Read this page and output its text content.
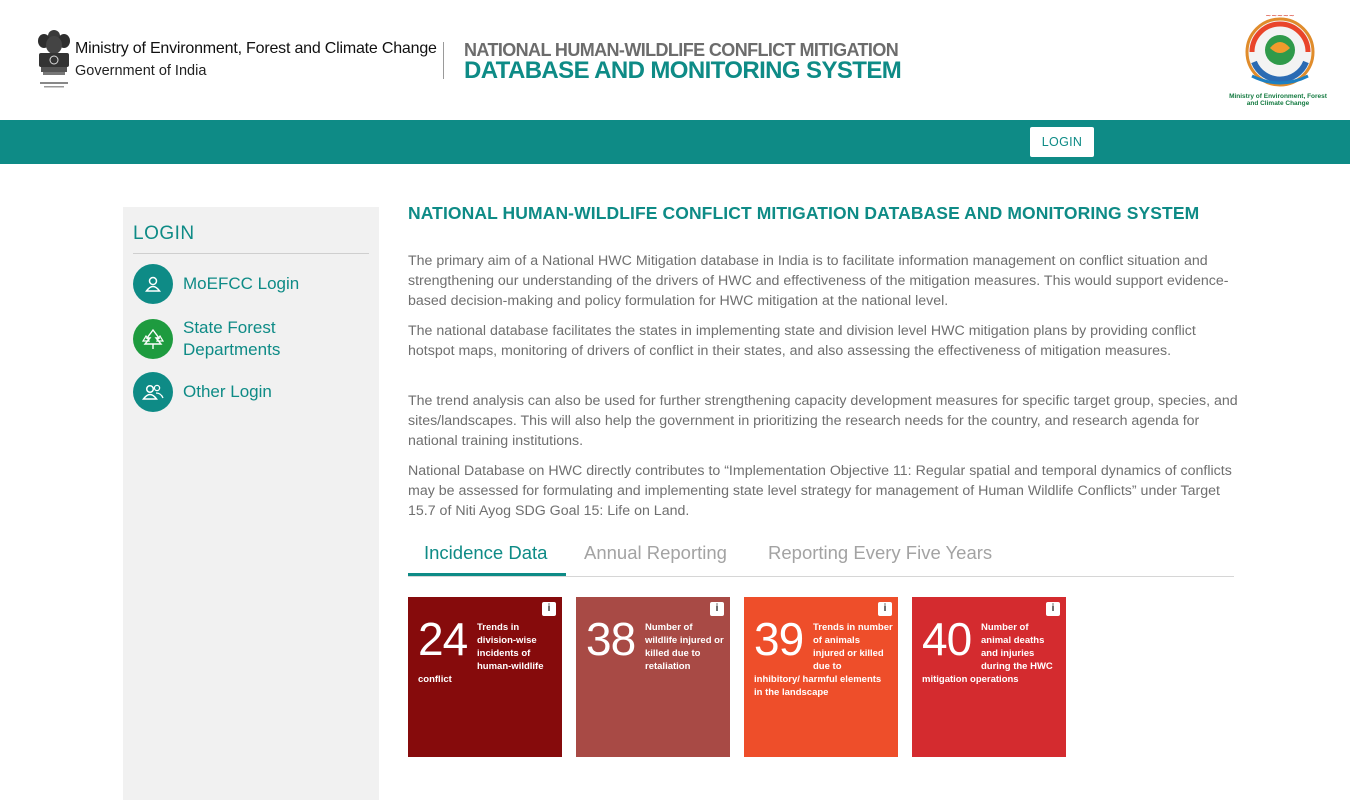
Ministry of Environment, Forest and Climate Change
Government of India
NATIONAL HUMAN-WILDLIFE CONFLICT MITIGATION
DATABASE AND MONITORING SYSTEM
~~~~~
Ministry of Environment, Forest
and Climate Change
LOGIN
LOGIN
MoEFCC Login
State Forest Departments
Other Login
NATIONAL HUMAN-WILDLIFE CONFLICT MITIGATION DATABASE AND MONITORING SYSTEM
The primary aim of a National HWC Mitigation database in India is to facilitate information management on conflict situation and strengthening our understanding of the drivers of HWC and effectiveness of the mitigation measures. This would support evidence-based decision-making and policy formulation for HWC mitigation at the national level.
The national database facilitates the states in implementing state and division level HWC mitigation plans by providing conflict hotspot maps, monitoring of drivers of conflict in their states, and also assessing the effectiveness of mitigation measures.
The trend analysis can also be used for further strengthening capacity development measures for specific target group, species, and sites/landscapes. This will also help the government in prioritizing the research needs for the country, and research agenda for national training institutions.
National Database on HWC directly contributes to “Implementation Objective 11: Regular spatial and temporal dynamics of conflicts may be assessed for formulating and implementing state level strategy for management of Human Wildlife Conflicts” under Target 15.7 of Niti Ayog SDG Goal 15: Life on Land.
Incidence Data Annual Reporting Reporting Every Five Years
i
24 Trends in division-wise incidents of human-wildlife
conflict
i
38 Number of wildlife injured or killed due to retaliation
i
39 Trends in number of animals injured or killed due to
inhibitory/ harmful elements in the landscape
i
40 Number of animal deaths and injuries during the HWC
mitigation operations
